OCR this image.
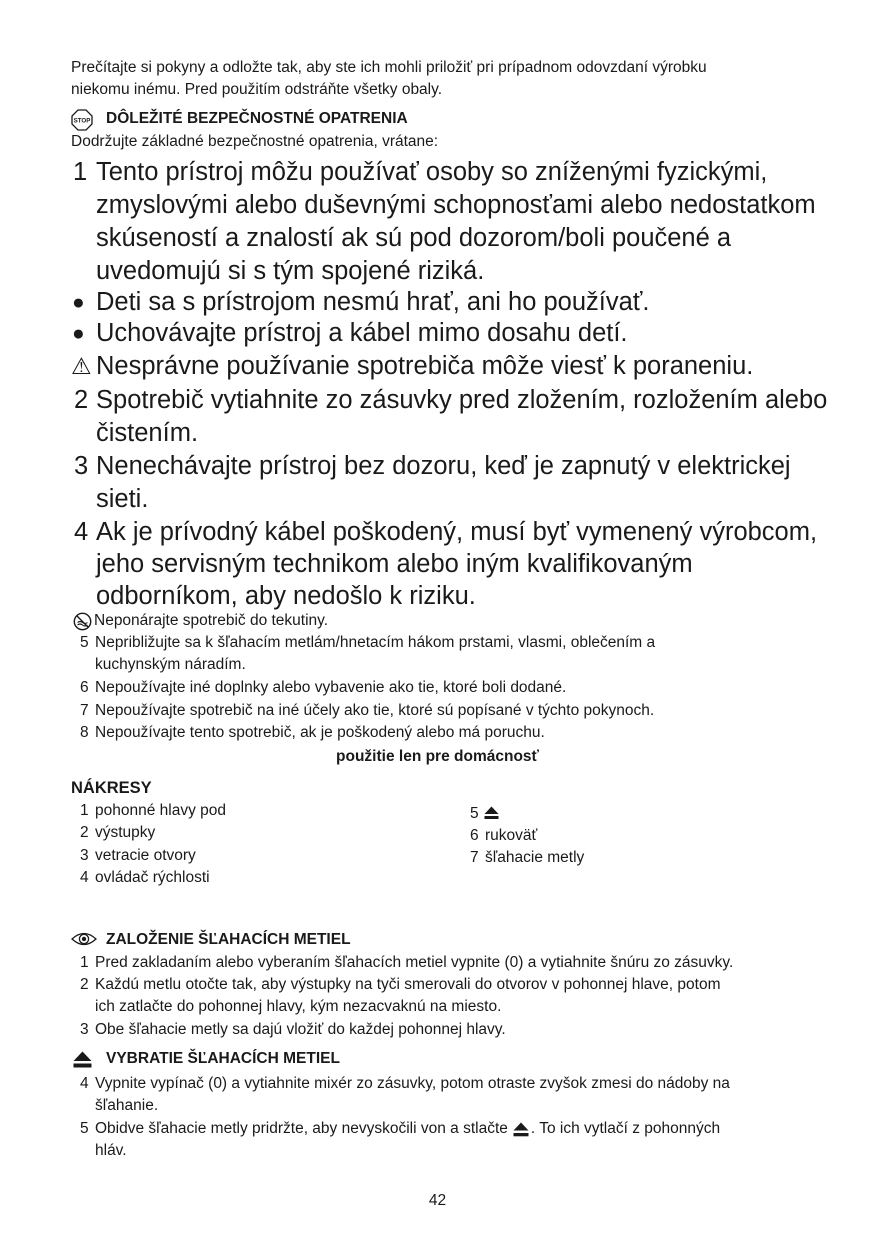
Prečítajte si pokyny a odložte tak, aby ste ich mohli priložiť pri prípadnom odovzdaní výrobku
niekomu inému. Pred použitím odstráňte všetky obaly.
STOP DÔLEŽITÉ BEZPEČNOSTNÉ OPATRENIA
Dodržujte základné bezpečnostné opatrenia, vrátane:
1 Tento prístroj môžu používať osoby so zníženými fyzickými,
zmyslovými alebo duševnými schopnosťami alebo nedostatkom
skúseností a znalostí ak sú pod dozorom/boli poučené a
uvedomujú si s tým spojené riziká.
● Deti sa s prístrojom nesmú hrať, ani ho používať.
● Uchovávajte prístroj a kábel mimo dosahu detí.
⚠ Nesprávne používanie spotrebiča môže viesť k poraneniu.
2 Spotrebič vytiahnite zo zásuvky pred zložením, rozložením alebo
čistením.
3 Nenechávajte prístroj bez dozoru, keď je zapnutý v elektrickej
sieti.
4 Ak je prívodný kábel poškodený, musí byť vymenený výrobcom,
jeho servisným technikom alebo iným kvalifikovaným
odborníkom, aby nedošlo k riziku.
Neponárajte spotrebič do tekutiny.
5 Nepribližujte sa k šľahacím metlám/hnetacím hákom prstami, vlasmi, oblečením a
kuchynským náradím.
6 Nepoužívajte iné doplnky alebo vybavenie ako tie, ktoré boli dodané.
7 Nepoužívajte spotrebič na iné účely ako tie, ktoré sú popísané v týchto pokynoch.
8 Nepoužívajte tento spotrebič, ak je poškodený alebo má poruchu.
použitie len pre domácnosť
NÁKRESY
1 pohonné hlavy pod
2 výstupky
3 vetracie otvory
4 ovládač rýchlosti
5
6 rukoväť
7 šľahacie metly
ZALOŽENIE ŠĽAHACÍCH METIEL
1 Pred zakladaním alebo vyberaním šľahacích metiel vypnite (0) a vytiahnite šnúru zo zásuvky.
2 Každú metlu otočte tak, aby výstupky na tyči smerovali do otvorov v pohonnej hlave, potom
ich zatlačte do pohonnej hlavy, kým nezacvaknú na miesto.
3 Obe šľahacie metly sa dajú vložiť do každej pohonnej hlavy.
VYBRATIE ŠĽAHACÍCH METIEL
4 Vypnite vypínač (0) a vytiahnite mixér zo zásuvky, potom otraste zvyšok zmesi do nádoby na
šľahanie.
5 Obidve šľahacie metly pridržte, aby nevyskočili von a stlačte . To ich vytlačí z pohonných
hláv.
42
